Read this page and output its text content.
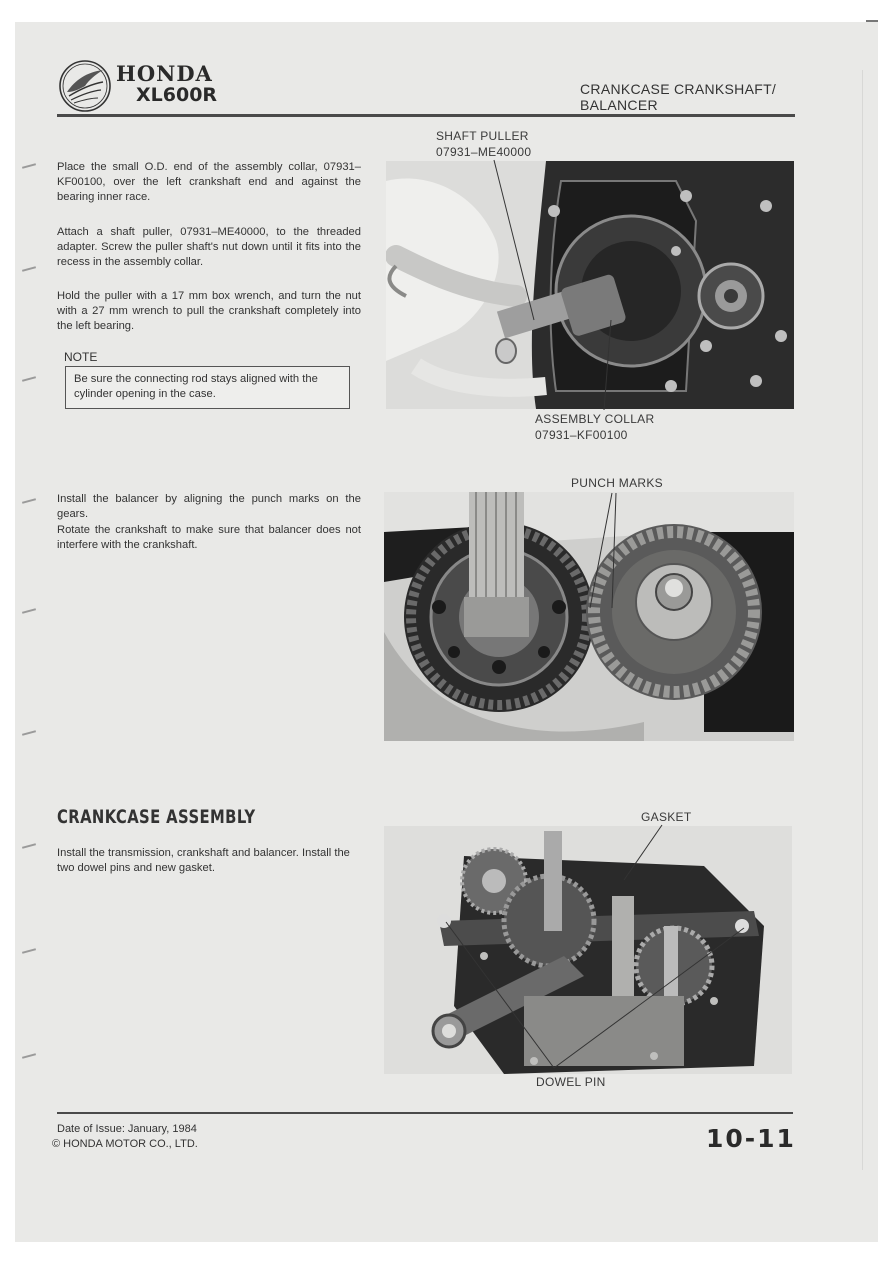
HONDA
XL600R	CRANKCASE CRANKSHAFT/
BALANCER
Place the small O.D. end of the assembly collar, 07931–KF00100, over the left crankshaft end and against the bearing inner race.
Attach a shaft puller, 07931–ME40000, to the threaded adapter. Screw the puller shaft's nut down until it fits into the recess in the assembly collar.
Hold the puller with a 17 mm box wrench, and turn the nut with a 27 mm wrench to pull the crankshaft completely into the left bearing.
NOTE
Be sure the connecting rod stays aligned with the cylinder opening in the case.
SHAFT PULLER
07931–ME40000
ASSEMBLY COLLAR
07931–KF00100
Install the balancer by aligning the punch marks on the gears.
Rotate the crankshaft to make sure that balancer does not interfere with the crankshaft.
PUNCH MARKS
CRANKCASE ASSEMBLY
Install the transmission, crankshaft and balancer. Install the two dowel pins and new gasket.
GASKET
DOWEL PIN
Date of Issue: January, 1984
© HONDA MOTOR CO., LTD.	10-11
